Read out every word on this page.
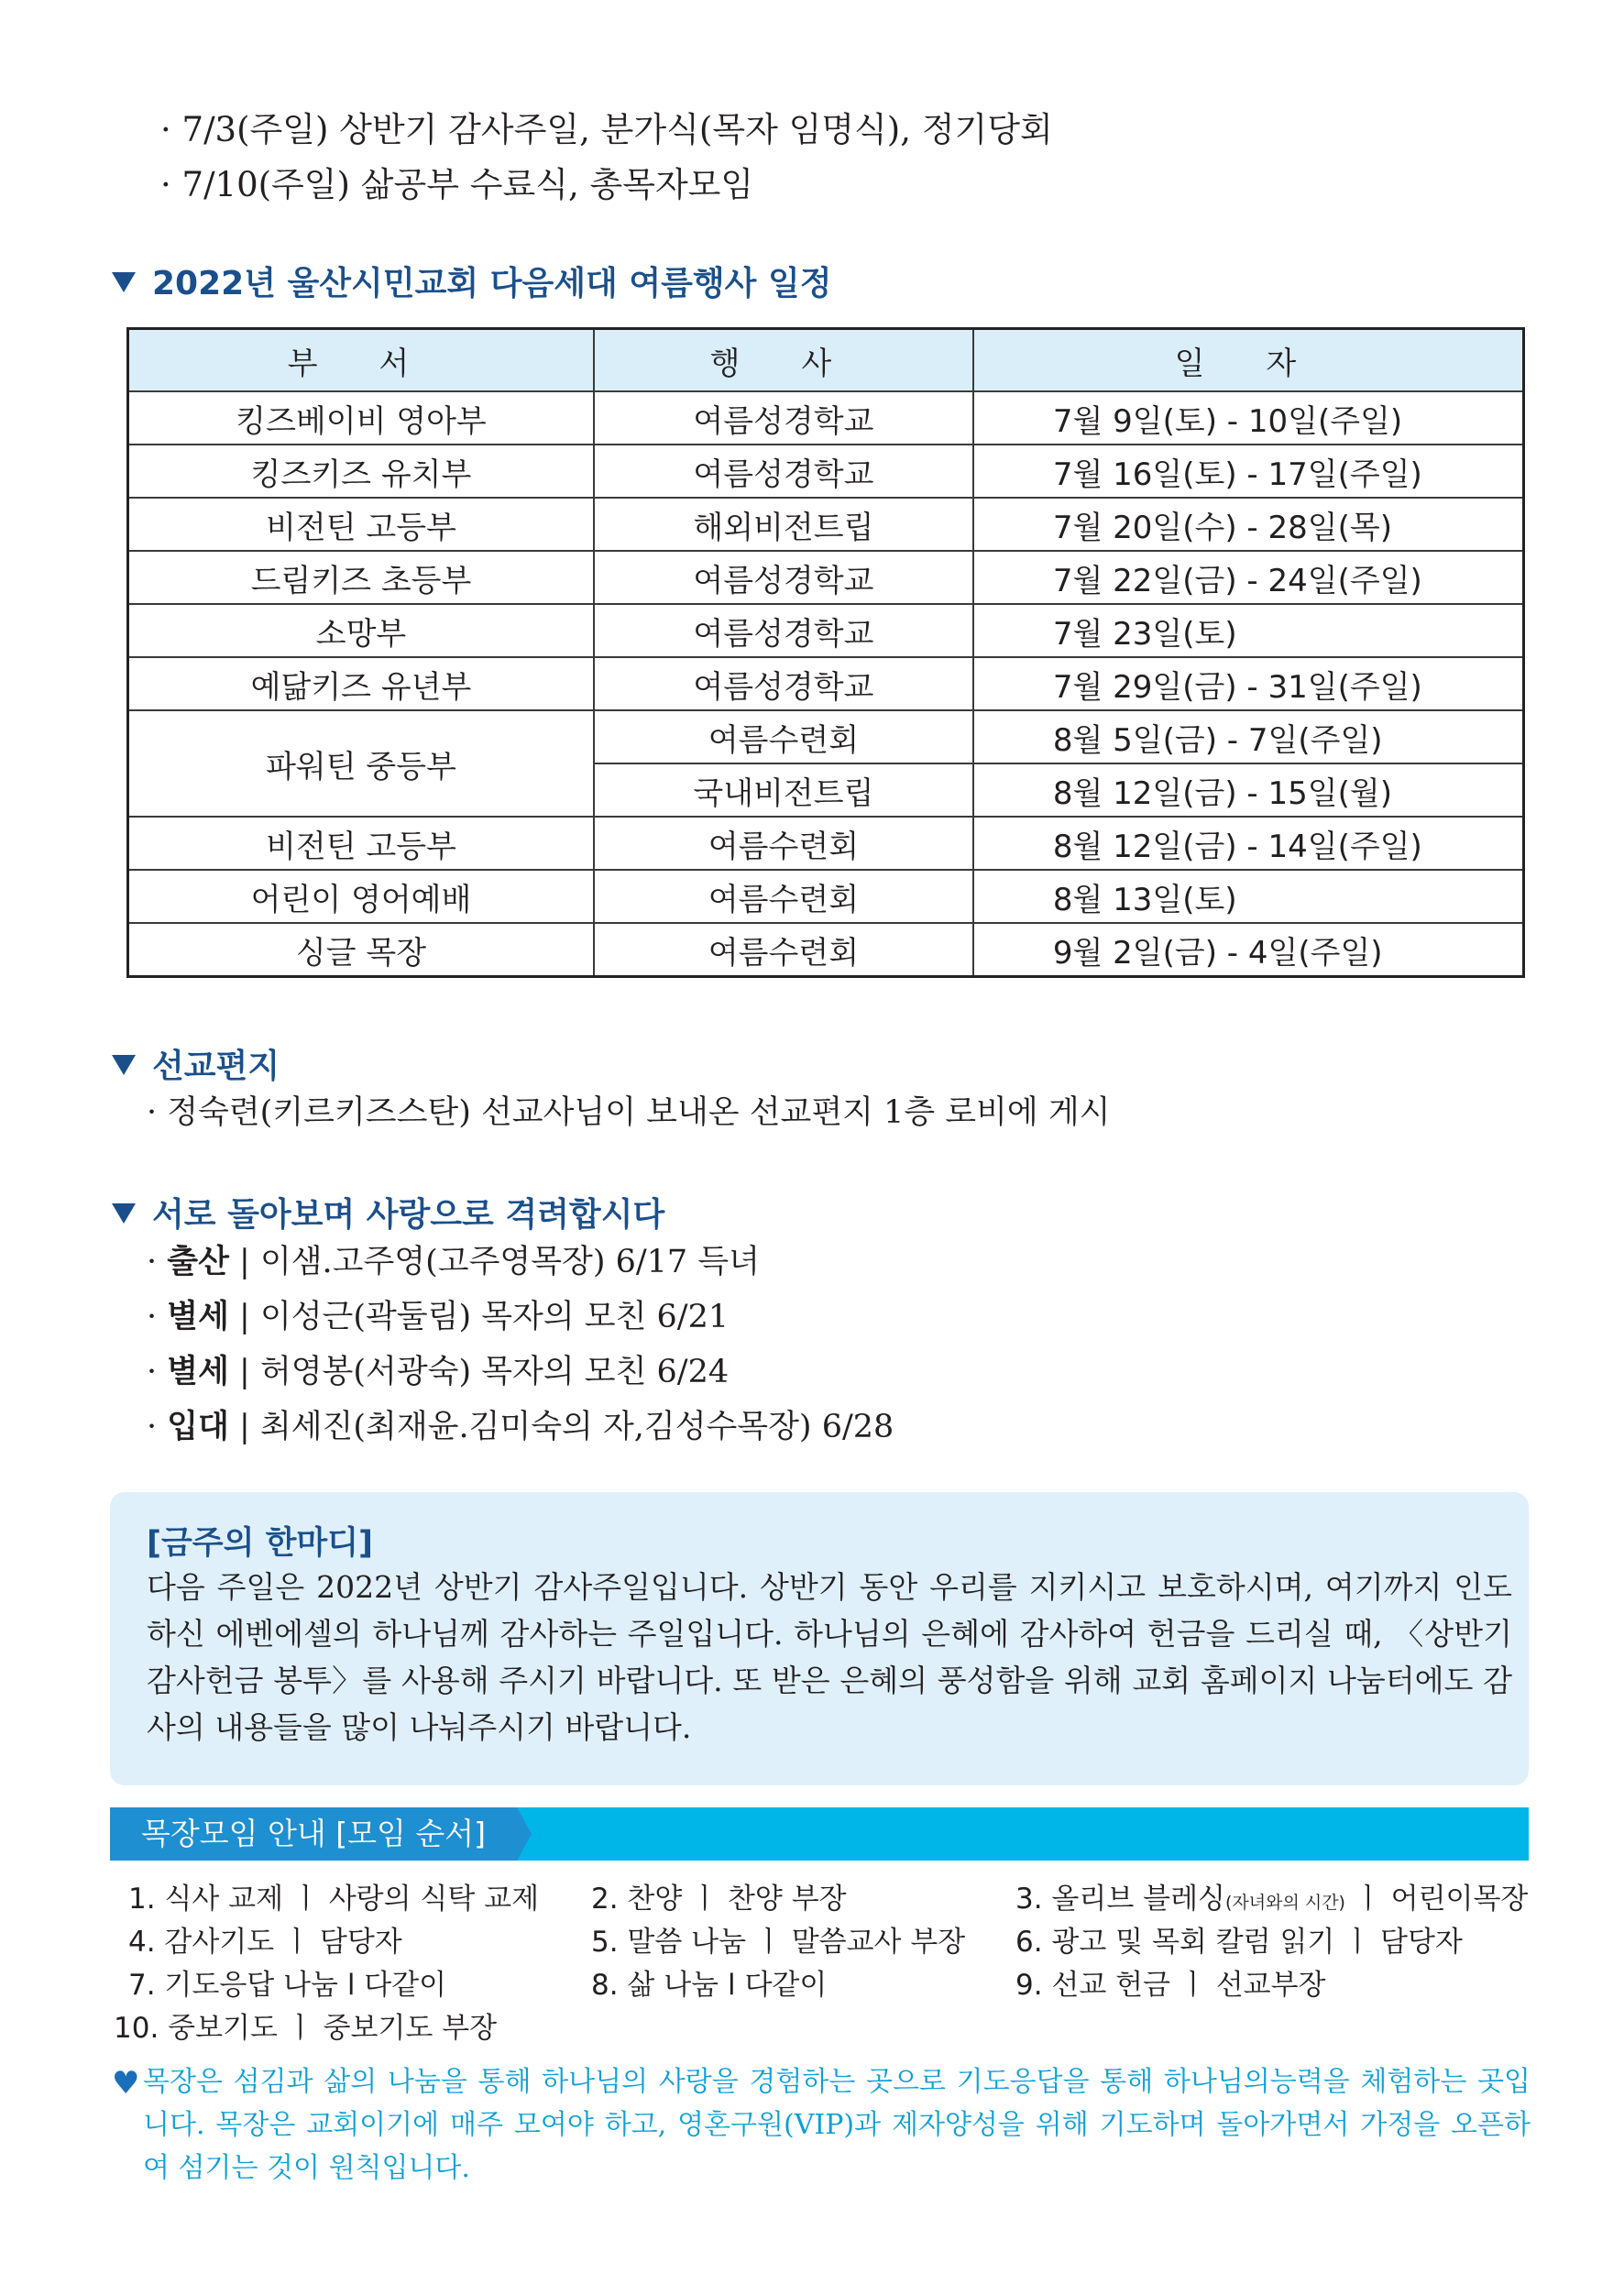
· 7/3(주일) 상반기 감사주일, 분가식(목자 임명식), 정기당회
· 7/10(주일) 삶공부 수료식, 총목자모임
2022년 울산시민교회 다음세대 여름행사 일정
부 서	행 사	일 자
킹즈베이비 영아부	여름성경학교	7월 9일(토) - 10일(주일)
킹즈키즈 유치부	여름성경학교	7월 16일(토) - 17일(주일)
비전틴 고등부	해외비전트립	7월 20일(수) - 28일(목)
드림키즈 초등부	여름성경학교	7월 22일(금) - 24일(주일)
소망부	여름성경학교	7월 23일(토)
예닮키즈 유년부	여름성경학교	7월 29일(금) - 31일(주일)
파워틴 중등부	여름수련회	8월 5일(금) - 7일(주일)
	국내비전트립	8월 12일(금) - 15일(월)
비전틴 고등부	여름수련회	8월 12일(금) - 14일(주일)
어린이 영어예배	여름수련회	8월 13일(토)
싱글 목장	여름수련회	9월 2일(금) - 4일(주일)
선교편지
· 정숙련(키르키즈스탄) 선교사님이 보내온 선교편지 1층 로비에 게시
서로 돌아보며 사랑으로 격려합시다
· 출산 | 이샘.고주영(고주영목장) 6/17 득녀
· 별세 | 이성근(곽둘림) 목자의 모친 6/21
· 별세 | 허영봉(서광숙) 목자의 모친 6/24
· 입대 | 최세진(최재윤.김미숙의 자,김성수목장) 6/28
[금주의 한마디]
다음 주일은 2022년 상반기 감사주일입니다. 상반기 동안 우리를 지키시고 보호하시며, 여기까지 인도하신 에벤에셀의 하나님께 감사하는 주일입니다. 하나님의 은혜에 감사하여 헌금을 드리실 때, 〈상반기 감사헌금 봉투〉를 사용해 주시기 바랍니다. 또 받은 은혜의 풍성함을 위해 교회 홈페이지 나눔터에도 감사의 내용들을 많이 나눠주시기 바랍니다.
목장모임 안내 [모임 순서]
1. 식사 교제 ㅣ 사랑의 식탁 교제 2. 찬양 ㅣ 찬양 부장	3. 올리브 블레싱(자녀와의 시간) ㅣ 어린이목장
4. 감사기도 ㅣ 담당자	5. 말씀 나눔 ㅣ 말씀교사 부장 6. 광고 및 목회 칼럼 읽기 ㅣ 담당자
7. 기도응답 나눔 l 다같이	8. 삶 나눔 l 다같이	9. 선교 헌금 ㅣ 선교부장
10. 중보기도 ㅣ 중보기도 부장
♥ 목장은 섬김과 삶의 나눔을 통해 하나님의 사랑을 경험하는 곳으로 기도응답을 통해 하나님의능력을 체험하는 곳입니다. 목장은 교회이기에 매주 모여야 하고, 영혼구원(VIP)과 제자양성을 위해 기도하며 돌아가면서 가정을 오픈하여 섬기는 것이 원칙입니다.
